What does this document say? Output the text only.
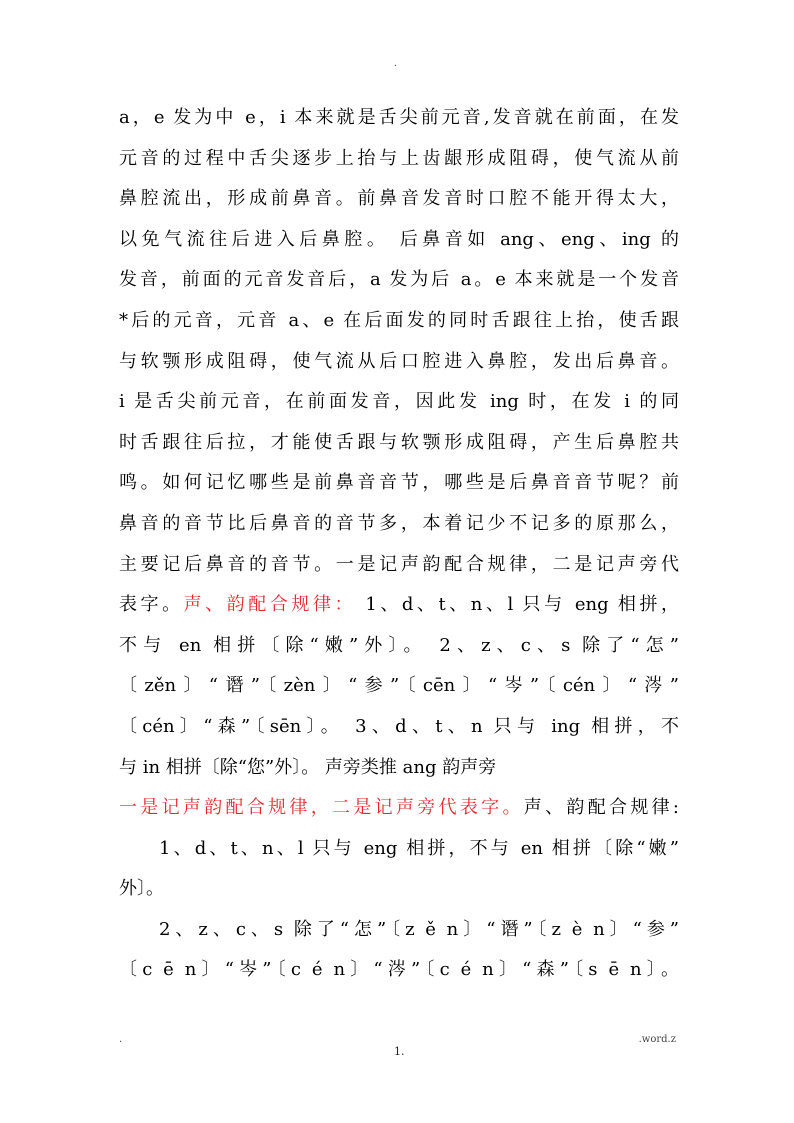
.
a，e 发为中 e，i 本来就是舌尖前元音,发音就在前面，在发
元音的过程中舌尖逐步上抬与上齿龈形成阻碍，使气流从前
鼻腔流出，形成前鼻音。前鼻音发音时口腔不能开得太大，
以免气流往后进入后鼻腔。 后鼻音如 ang、eng、ing 的
发音，前面的元音发音后，a 发为后 a。e 本来就是一个发音
*后的元音，元音 a、e 在后面发的同时舌跟往上抬，使舌跟
与软颚形成阻碍，使气流从后口腔进入鼻腔，发出后鼻音。
i 是舌尖前元音，在前面发音，因此发 ing 时，在发 i 的同
时舌跟往后拉，才能使舌跟与软颚形成阻碍，产生后鼻腔共
鸣。如何记忆哪些是前鼻音音节，哪些是后鼻音音节呢？前
鼻音的音节比后鼻音的音节多，本着记少不记多的原那么，
主要记后鼻音的音节。一是记声韵配合规律，二是记声旁代
表字。声、韵配合规律： 1、d、t、n、l 只与 eng 相拼，
不与 en 相拼〔除“嫩”外〕。 2、z、c、s 除了“怎”
〔zěn〕“谮”〔zèn〕“参”〔cēn〕“岑”〔cén〕“涔”
〔cén〕“森”〔sēn〕。 3、d、t、n 只与 ing 相拼，不
与 in 相拼〔除“您”外〕。 声旁类推 ang 韵声旁
一是记声韵配合规律，二是记声旁代表字。声、韵配合规律:
1、d、t、n、l 只与 eng 相拼，不与 en 相拼〔除“嫩”
外〕。
2、z、c、s 除了“怎”〔z ě n〕“谮”〔z è n〕“参”
〔c ē n〕“岑”〔c é n〕“涔”〔c é n〕“森”〔s ē n〕。
.
1.
.word.z
